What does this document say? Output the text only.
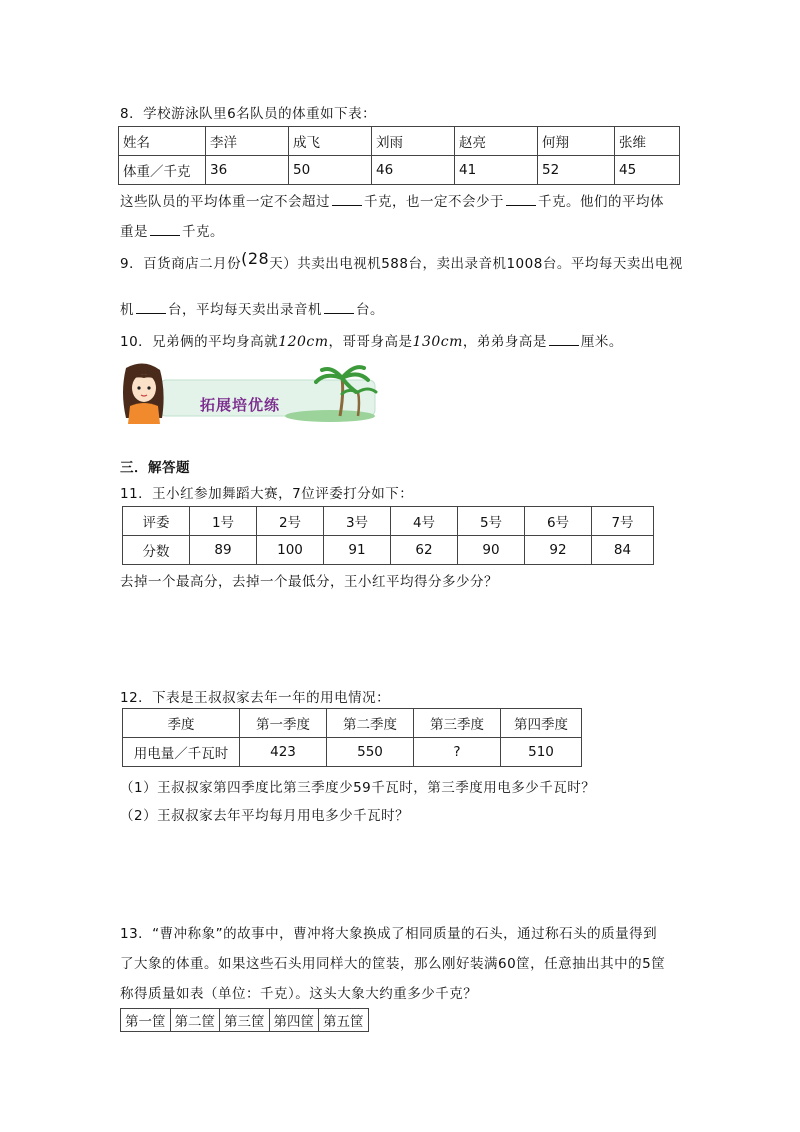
8．学校游泳队里6名队员的体重如下表：
姓名	李洋	成飞	刘雨	赵亮	何翔	张维
体重／千克	36	50	46	41	52	45
这些队员的平均体重一定不会超过	千克，也一定不会少于	千克。他们的平均体
重是	千克。
9．百货商店二月份(28天）共卖出电视机588台，卖出录音机1008台。平均每天卖出电视
机	台，平均每天卖出录音机	台。
10．兄弟俩的平均身高就120cm，哥哥身高是130cm，弟弟身高是	厘米。
拓展培优练
三．解答题
11．王小红参加舞蹈大赛，7位评委打分如下：
评委	1号	2号	3号	4号	5号	6号	7号
分数	89	100	91	62	90	92	84
去掉一个最高分，去掉一个最低分，王小红平均得分多少分？
12．下表是王叔叔家去年一年的用电情况：
季度	第一季度	第二季度	第三季度	第四季度
用电量／千瓦时	423	550	?	510
（1）王叔叔家第四季度比第三季度少59千瓦时，第三季度用电多少千瓦时？
（2）王叔叔家去年平均每月用电多少千瓦时？
13．“曹冲称象”的故事中，曹冲将大象换成了相同质量的石头，通过称石头的质量得到
了大象的体重。如果这些石头用同样大的筐装，那么刚好装满60筐，任意抽出其中的5筐
称得质量如表（单位：千克）。这头大象大约重多少千克？
第一筐	第二筐	第三筐	第四筐	第五筐
